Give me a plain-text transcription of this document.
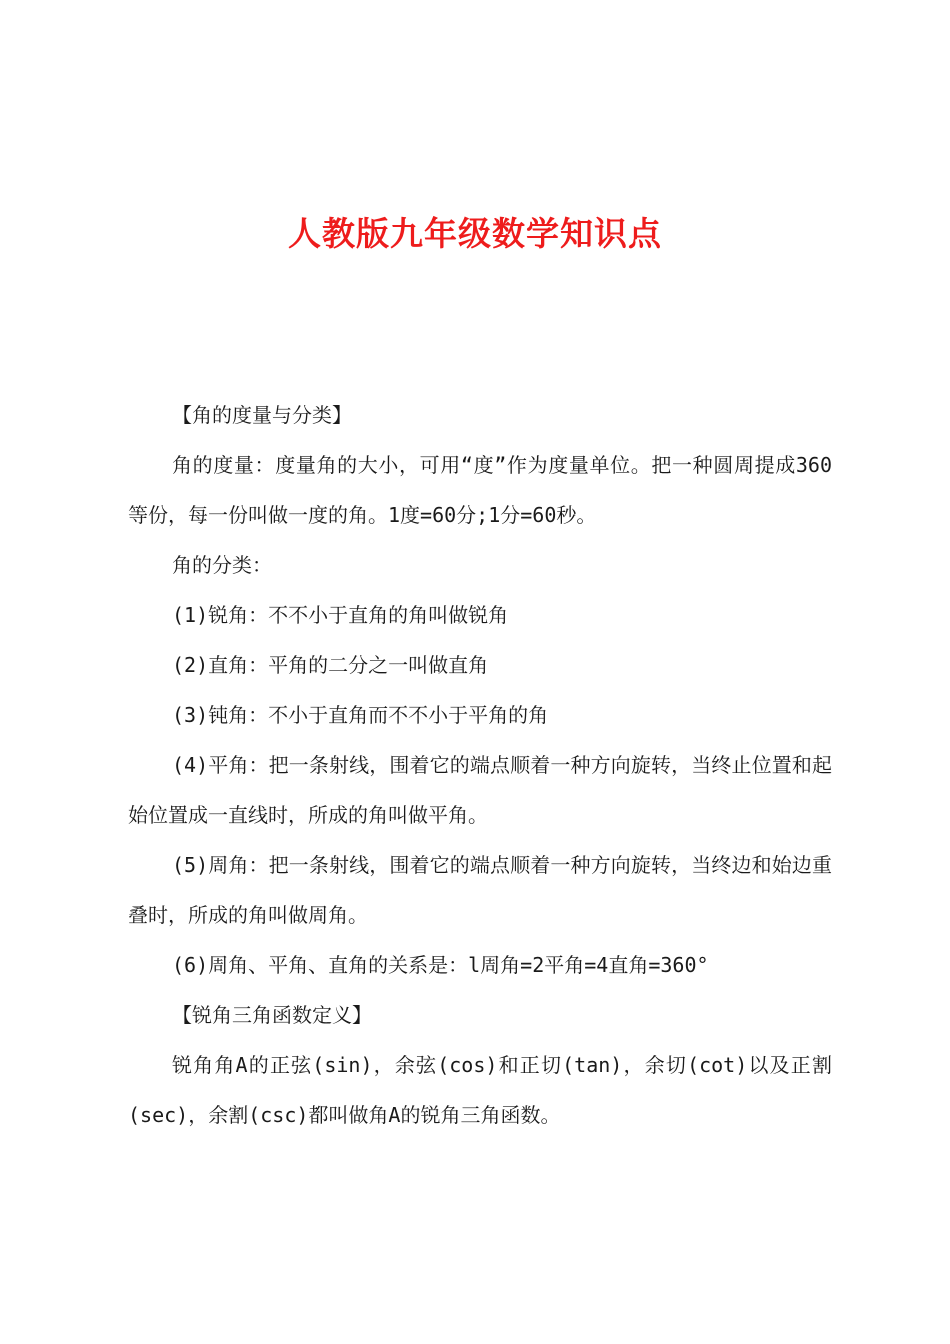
人教版九年级数学知识点

【角的度量与分类】

角的度量：度量角的大小，可用“度”作为度量单位。把一种圆周提成360等份，每一份叫做一度的角。1度=60分;1分=60秒。

角的分类：

(1)锐角：不不小于直角的角叫做锐角

(2)直角：平角的二分之一叫做直角

(3)钝角：不小于直角而不不小于平角的角

(4)平角：把一条射线，围着它的端点顺着一种方向旋转，当终止位置和起始位置成一直线时，所成的角叫做平角。

(5)周角：把一条射线，围着它的端点顺着一种方向旋转，当终边和始边重叠时，所成的角叫做周角。

(6)周角、平角、直角的关系是：l周角=2平角=4直角=360°

【锐角三角函数定义】

锐角角A的正弦(sin)，余弦(cos)和正切(tan)，余切(cot)以及正割(sec)，余割(csc)都叫做角A的锐角三角函数。
